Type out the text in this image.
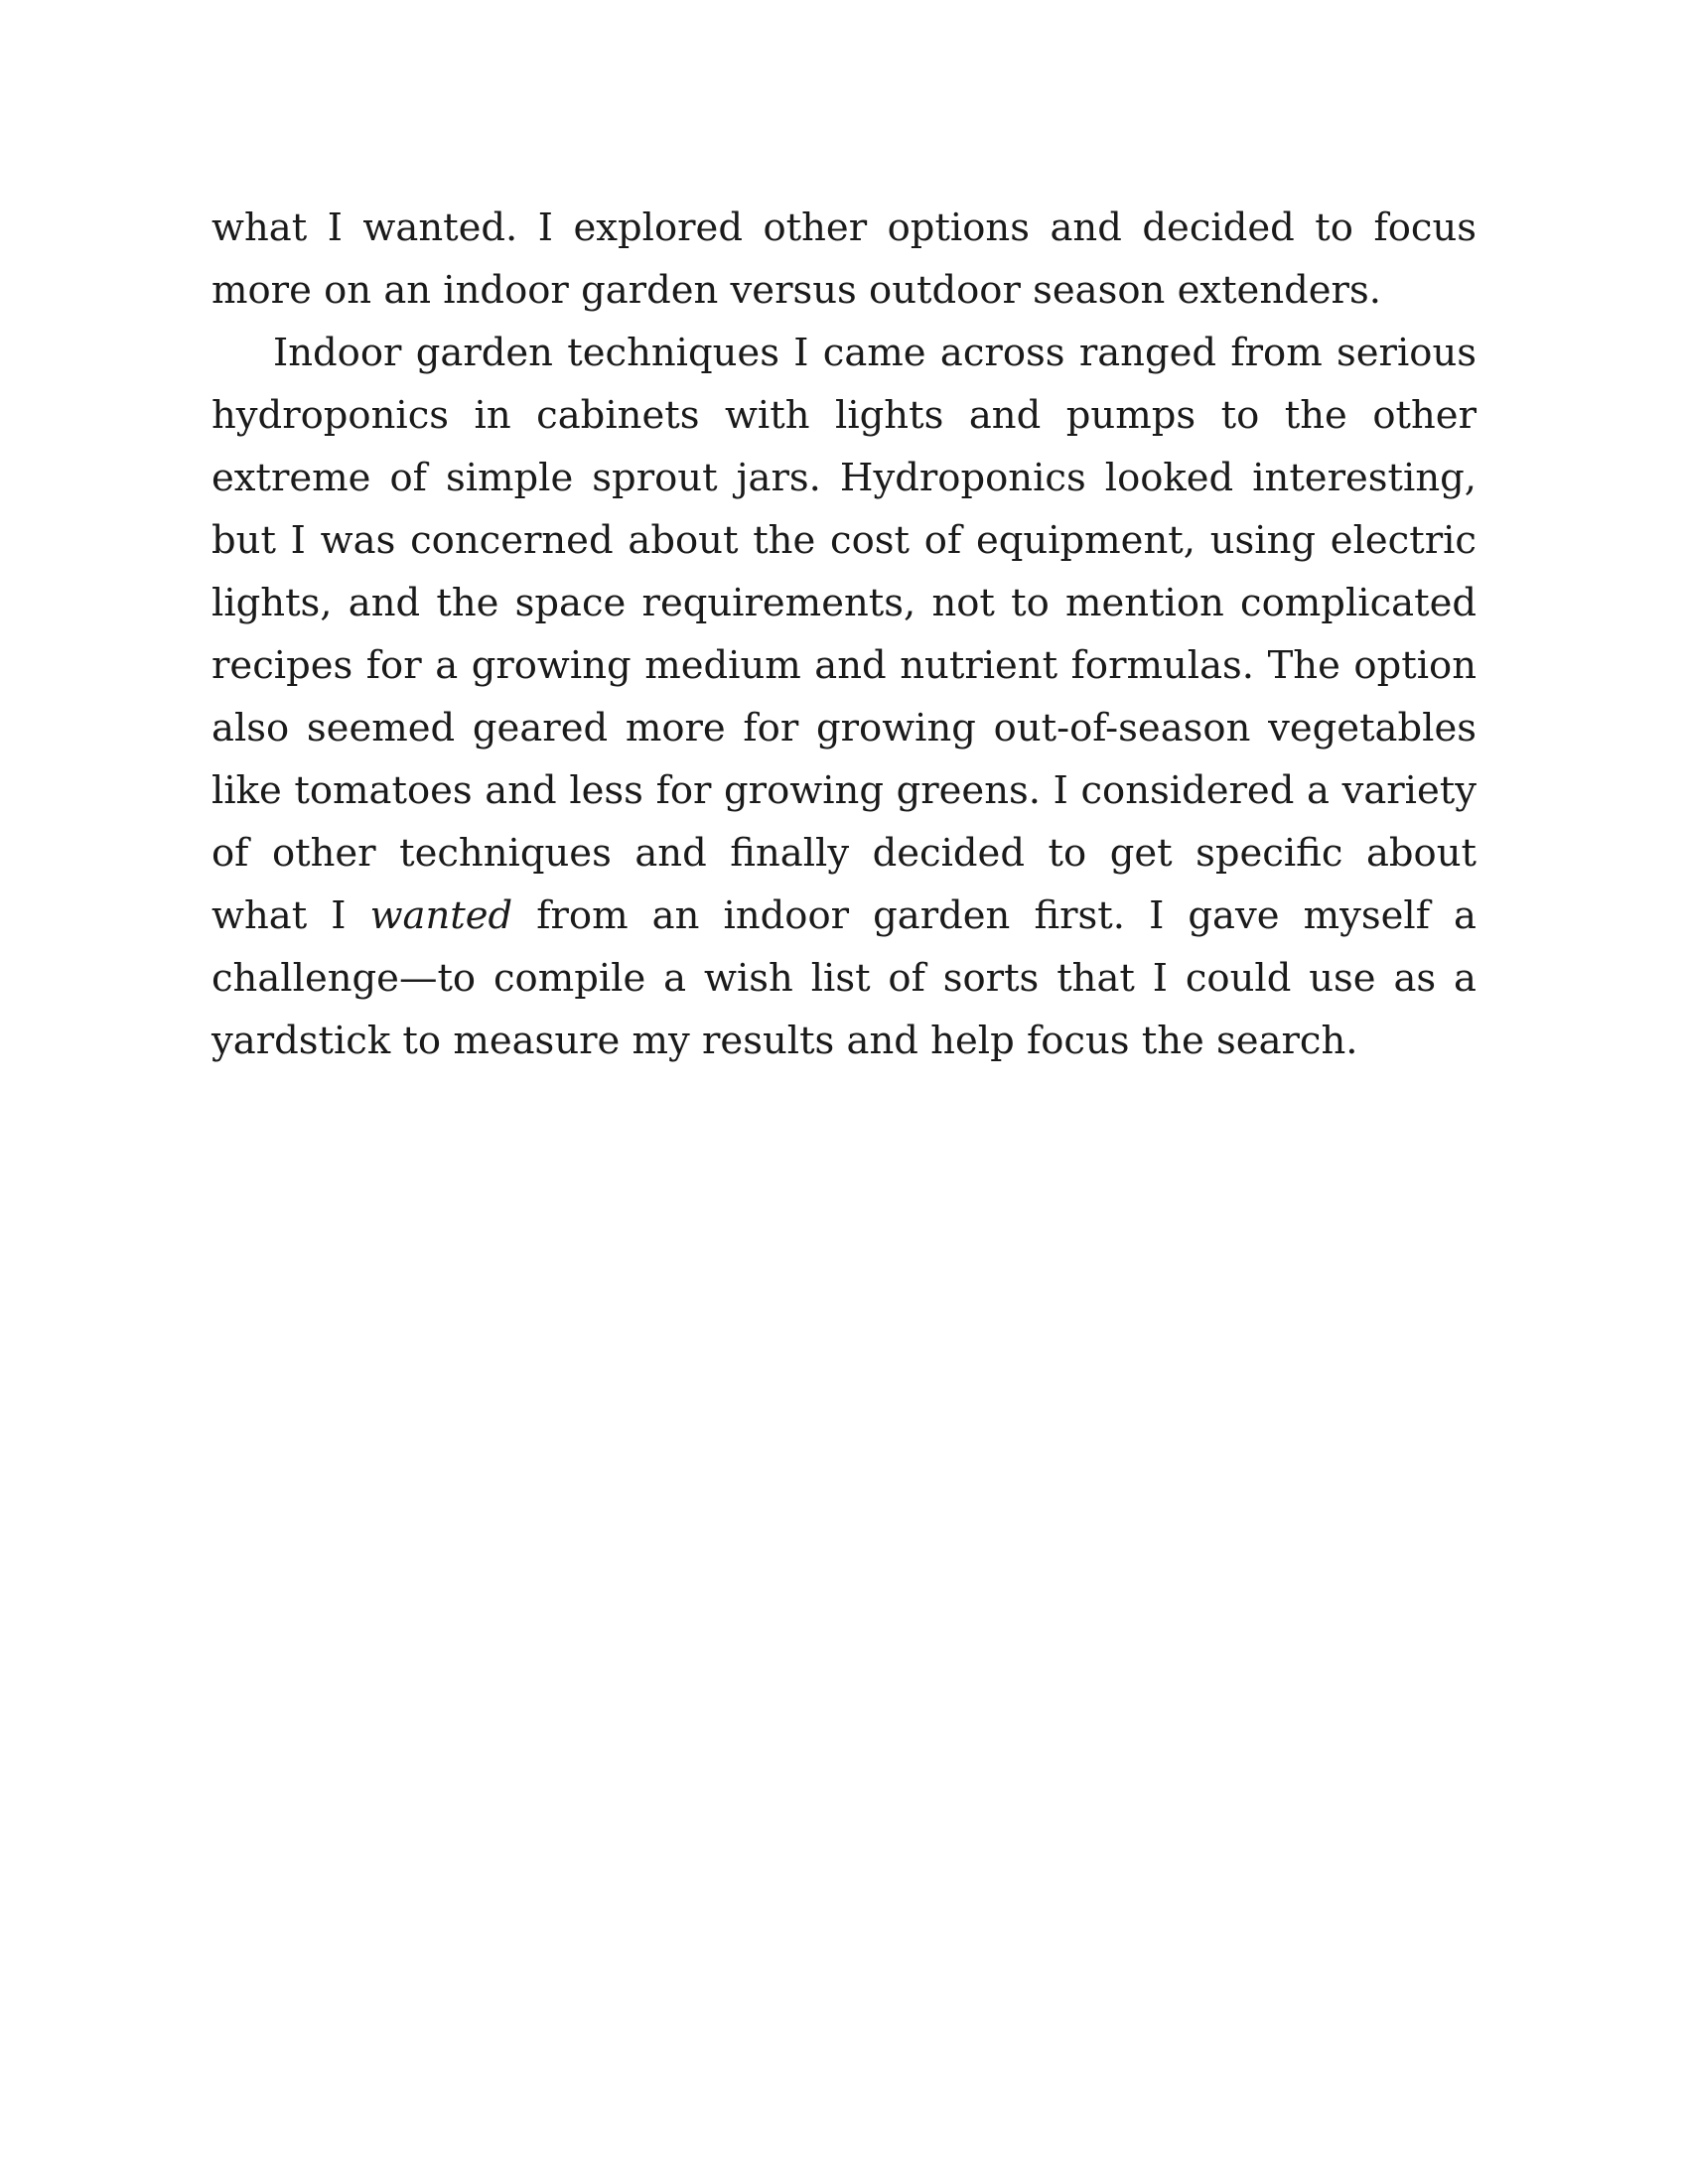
what I wanted. I explored other options and decided to focus more on an indoor garden versus outdoor season extenders.

Indoor garden techniques I came across ranged from serious hydroponics in cabinets with lights and pumps to the other extreme of simple sprout jars. Hydroponics looked interesting, but I was concerned about the cost of equipment, using electric lights, and the space requirements, not to mention complicated recipes for a growing medium and nutrient formulas. The option also seemed geared more for growing out-of-season vegetables like tomatoes and less for growing greens. I considered a variety of other techniques and finally decided to get specific about what I wanted from an indoor garden first. I gave myself a challenge—to compile a wish list of sorts that I could use as a yardstick to measure my results and help focus the search.
